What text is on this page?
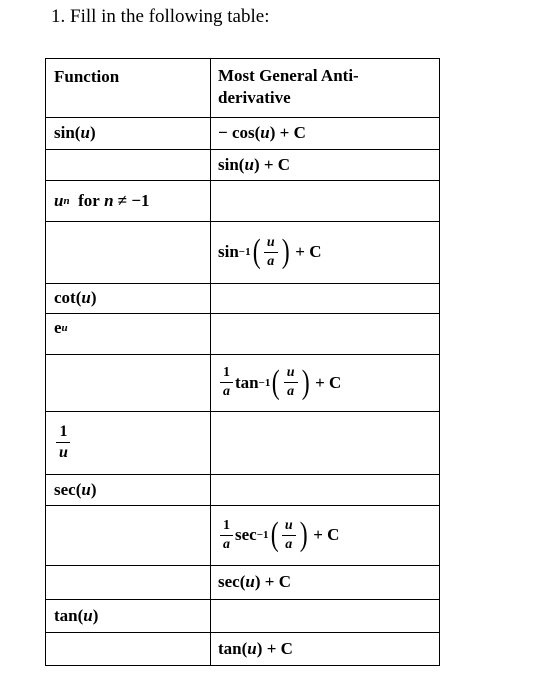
1. Fill in the following table:
Function	Most General Anti-derivative
sin ( u )	−
cos ( u )
+ C
sin ( u )
+ C
u n
for
n
≠ −1
sin −1 ( $\frac{u}{a}$ )
+ C
cot ( u )
e u
$\frac{1}{a}$ tan −1 ( $\frac{u}{a}$ )
+ C
$\frac{1}{u}$
sec ( u )
$\frac{1}{a}$ sec −1 ( $\frac{u}{a}$ )
+ C
sec ( u )
+ C
tan ( u )
tan ( u )
+ C
